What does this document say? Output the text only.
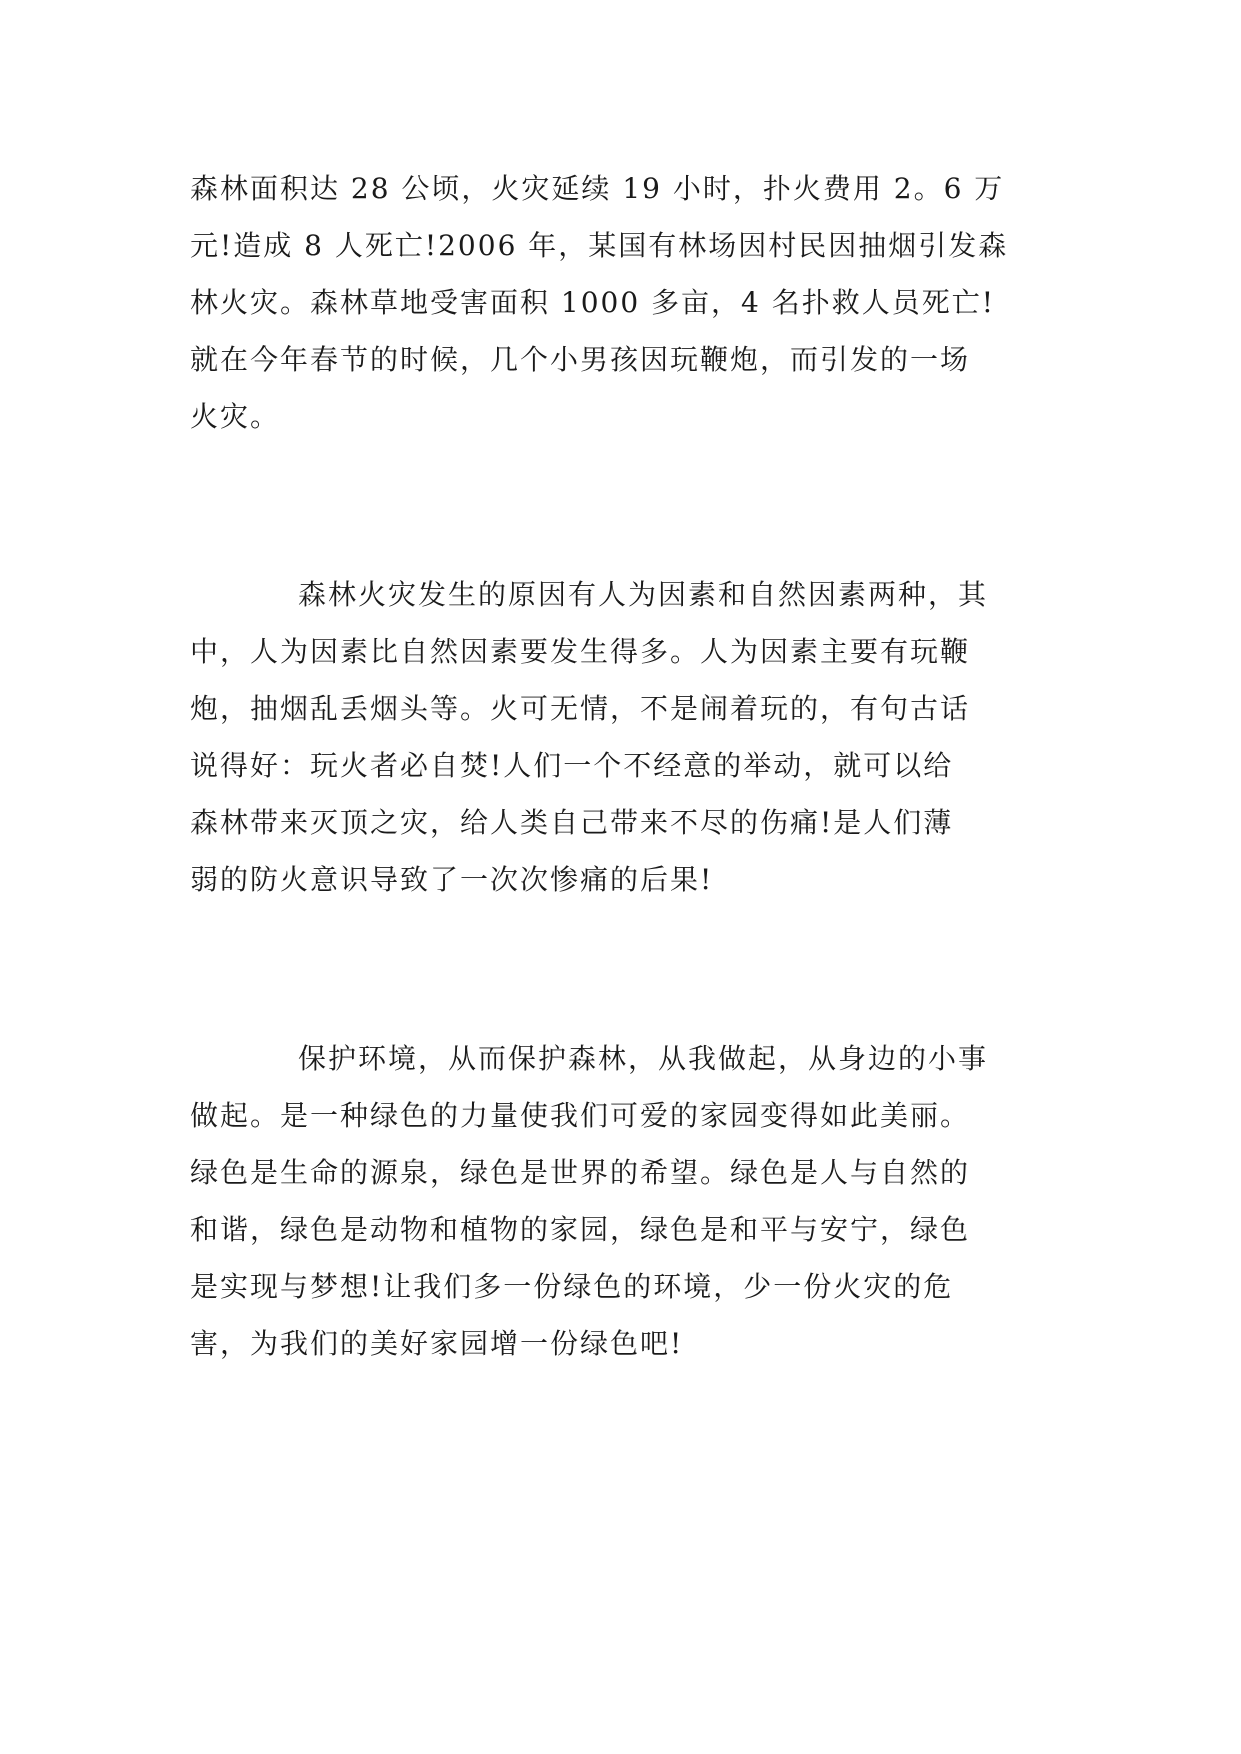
森林面积达 28 公顷，火灾延续 19 小时，扑火费用 2。6 万
元!造成 8 人死亡!2006 年，某国有林场因村民因抽烟引发森
林火灾。森林草地受害面积 1000 多亩，4 名扑救人员死亡!
就在今年春节的时候，几个小男孩因玩鞭炮，而引发的一场
火灾。
森林火灾发生的原因有人为因素和自然因素两种，其
中，人为因素比自然因素要发生得多。人为因素主要有玩鞭
炮，抽烟乱丢烟头等。火可无情，不是闹着玩的，有句古话
说得好：玩火者必自焚!人们一个不经意的举动，就可以给
森林带来灭顶之灾，给人类自己带来不尽的伤痛!是人们薄
弱的防火意识导致了一次次惨痛的后果!
保护环境，从而保护森林，从我做起，从身边的小事
做起。是一种绿色的力量使我们可爱的家园变得如此美丽。
绿色是生命的源泉，绿色是世界的希望。绿色是人与自然的
和谐，绿色是动物和植物的家园，绿色是和平与安宁，绿色
是实现与梦想!让我们多一份绿色的环境，少一份火灾的危
害，为我们的美好家园增一份绿色吧!
